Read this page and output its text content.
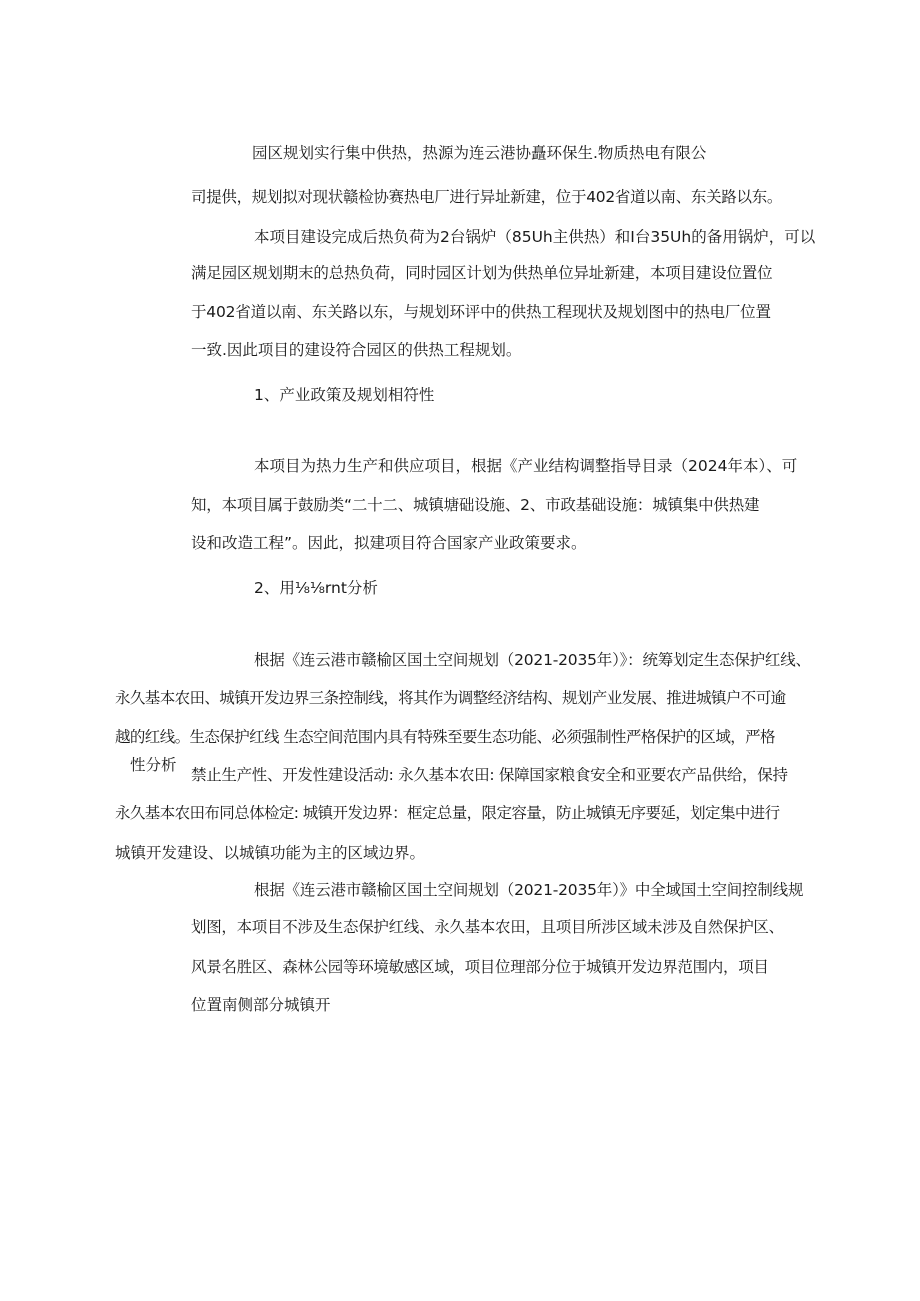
园区规划实行集中供热，热源为连云港协矗环保生.物质热电有限公

司提供，规划拟对现状赣检协赛热电厂进行异址新建，位于402省道以南、东关路以东。

本项目建设完成后热负荷为2台锅炉（85Uh主供热）和I台35Uh的备用锅炉，可以

满足园区规划期末的总热负荷，同时园区计划为供热单位异址新建，本项目建设位置位

于402省道以南、东关路以东，与规划环评中的供热工程现状及规划图中的热电厂位置

一致.因此项目的建设符合园区的供热工程规划。

1、产业政策及规划相符性

本项目为热力生产和供应项目，根据《产业结构调整指导目录（2024年本）、可

知，本项目属于鼓励类“二十二、城镇塘础设施、2、市政基础设施：城镇集中供热建

设和改造工程”。因此，拟建项目符合国家产业政策要求。

2、用⅛⅛rnt分析

根据《连云港市赣榆区国土空间规划（2021-2035年）》：统筹划定生态保护红线、

永久基本农田、城镇开发边界三条控制线，将其作为调整经济结构、规划产业发展、推进城镇户不可逾

越的红线。生态保护红线 生态空间范围内具有特殊至要生态功能、必须强制性严格保护的区域，严格

性分析

禁止生产性、开发性建设活动: 永久基本农田: 保障国家粮食安全和亚要农产品供给，保持

永久基本农田布同总体检定: 城镇开发边界：框定总量，限定容量，防止城镇无序要延，划定集中进行

城镇开发建设、以城镇功能为主的区域边界。

根据《连云港市赣榆区国土空间规划（2021-2035年）》中全域国土空间控制线规

划图，本项目不涉及生态保护红线、永久基本农田，且项目所涉区域未涉及自然保护区、

风景名胜区、森林公园等环境敏感区域，项目位理部分位于城镇开发边界范围内，项目

位置南侧部分城镇开
